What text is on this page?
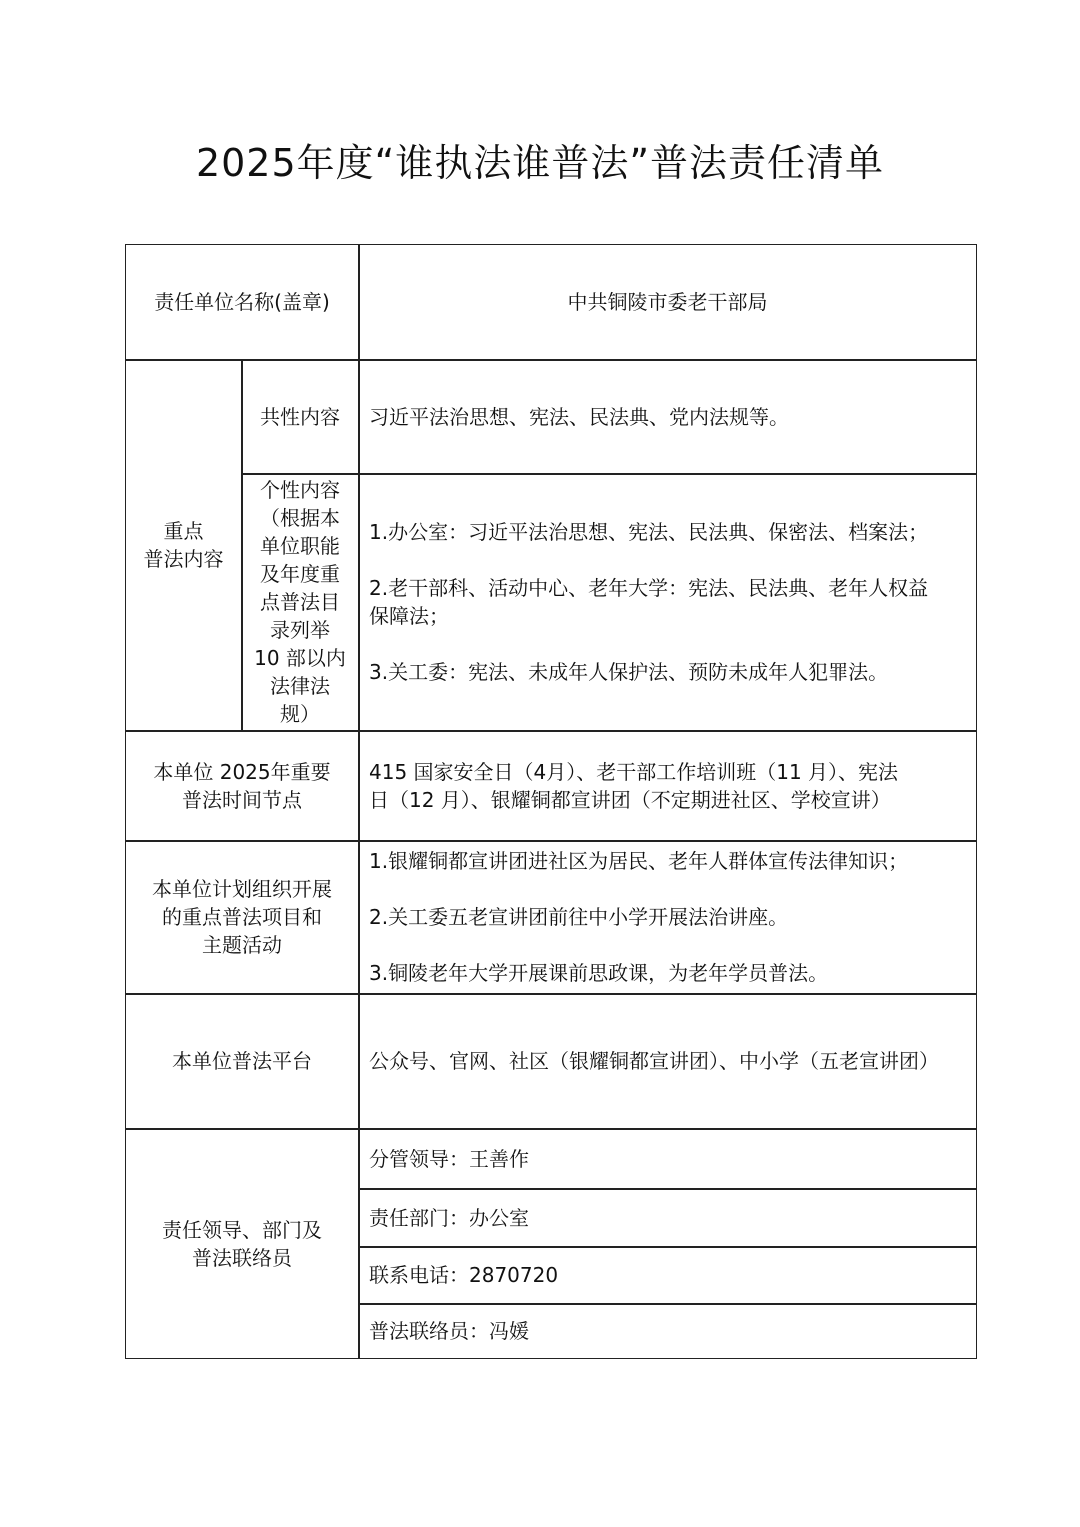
2025年度“谁执法谁普法”普法责任清单
责任单位名称(盖章)	中共铜陵市委老干部局
重点
普法内容
共性内容 习近平法治思想、宪法、民法典、党内法规等。
个性内容
（根据本
单位职能
及年度重
点普法目
录列举
10 部以内
法律法
规）
1.办公室：习近平法治思想、宪法、民法典、保密法、档案法；
2.老干部科、活动中心、老年大学：宪法、民法典、老年人权益
保障法；
3.关工委：宪法、未成年人保护法、预防未成年人犯罪法。
本单位 2025年重要
普法时间节点
415 国家安全日（4月）、老干部工作培训班（11 月）、宪法
日（12 月）、银耀铜都宣讲团（不定期进社区、学校宣讲）
本单位计划组织开展
的重点普法项目和
主题活动
1.银耀铜都宣讲团进社区为居民、老年人群体宣传法律知识；
2.关工委五老宣讲团前往中小学开展法治讲座。
3.铜陵老年大学开展课前思政课，为老年学员普法。
本单位普法平台	公众号、官网、社区（银耀铜都宣讲团）、中小学（五老宣讲团）
责任领导、部门及
普法联络员
分管领导：王善作
责任部门：办公室
联系电话：2870720
普法联络员：冯媛
